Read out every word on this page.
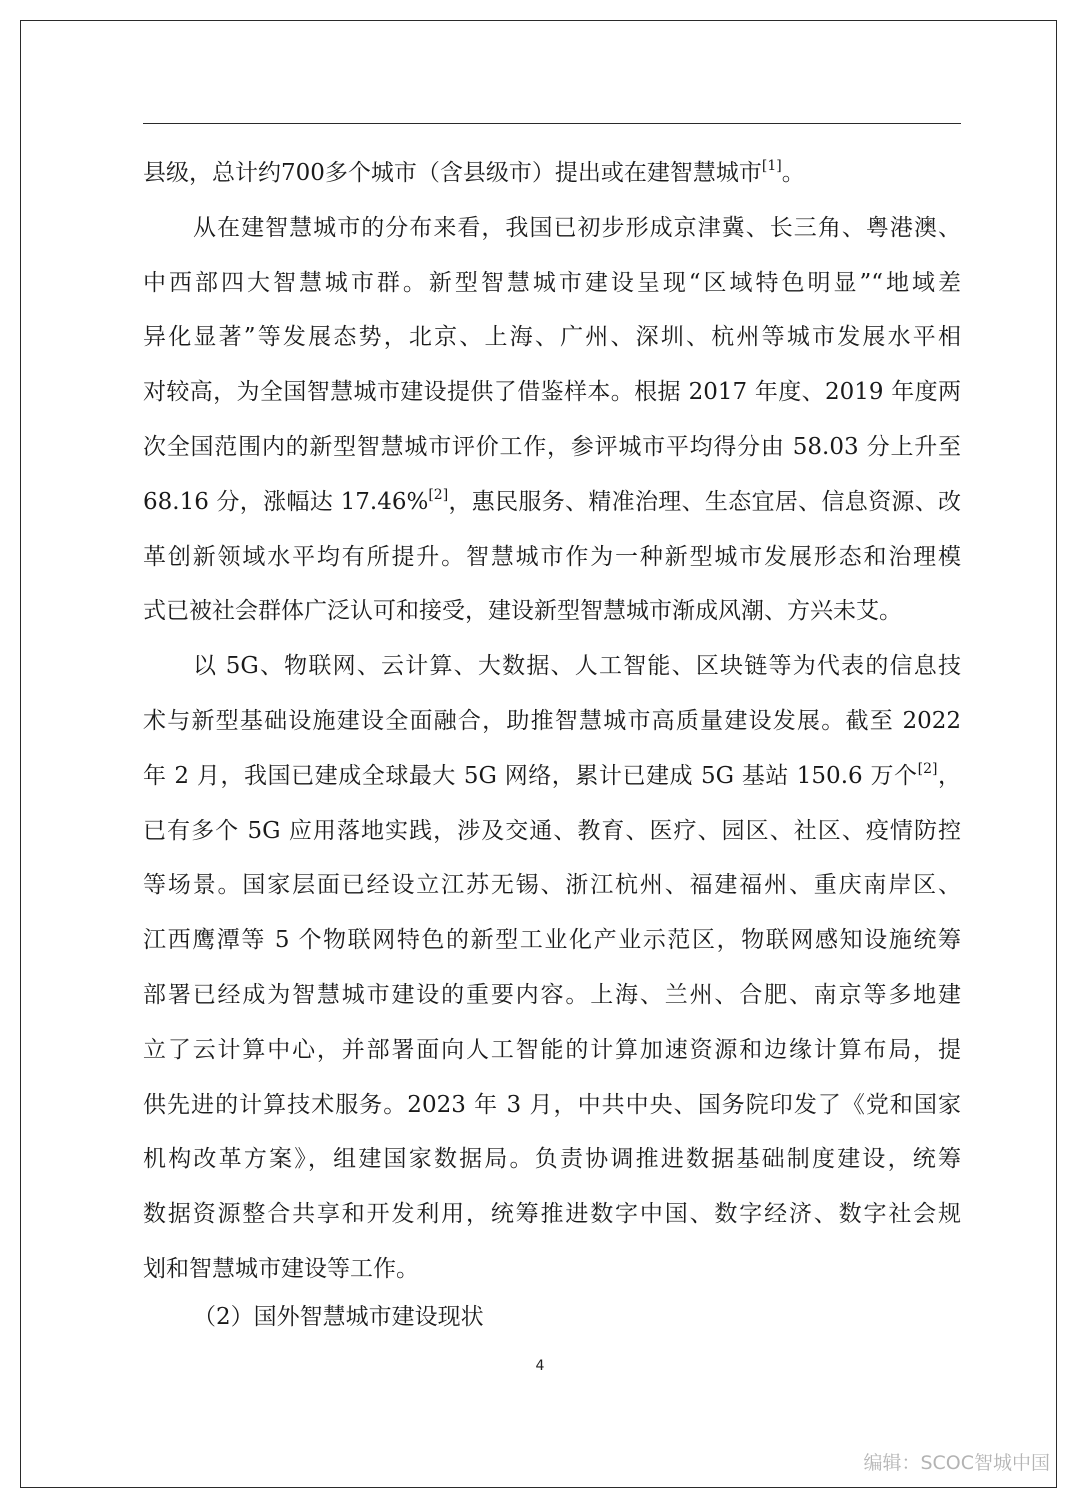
县级，总计约700多个城市（含县级市）提出或在建智慧城市[1]。
从在建智慧城市的分布来看，我国已初步形成京津冀、长三角、粤港澳、
中西部四大智慧城市群。新型智慧城市建设呈现“区域特色明显”“地域差
异化显著”等发展态势，北京、上海、广州、深圳、杭州等城市发展水平相
对较高，为全国智慧城市建设提供了借鉴样本。根据 2017 年度、2019 年度两
次全国范围内的新型智慧城市评价工作，参评城市平均得分由 58.03 分上升至
68.16 分，涨幅达 17.46%[2]，惠民服务、精准治理、生态宜居、信息资源、改
革创新领域水平均有所提升。智慧城市作为一种新型城市发展形态和治理模
式已被社会群体广泛认可和接受，建设新型智慧城市渐成风潮、方兴未艾。
以 5G、物联网、云计算、大数据、人工智能、区块链等为代表的信息技
术与新型基础设施建设全面融合，助推智慧城市高质量建设发展。截至 2022
年 2 月，我国已建成全球最大 5G 网络，累计已建成 5G 基站 150.6 万个[2]，
已有多个 5G 应用落地实践，涉及交通、教育、医疗、园区、社区、疫情防控
等场景。国家层面已经设立江苏无锡、浙江杭州、福建福州、重庆南岸区、
江西鹰潭等 5 个物联网特色的新型工业化产业示范区，物联网感知设施统筹
部署已经成为智慧城市建设的重要内容。上海、兰州、合肥、南京等多地建
立了云计算中心，并部署面向人工智能的计算加速资源和边缘计算布局，提
供先进的计算技术服务。2023 年 3 月，中共中央、国务院印发了《党和国家
机构改革方案》，组建国家数据局。负责协调推进数据基础制度建设，统筹
数据资源整合共享和开发利用，统筹推进数字中国、数字经济、数字社会规
划和智慧城市建设等工作。
（2）国外智慧城市建设现状
4
编辑：SCOC智城中国
